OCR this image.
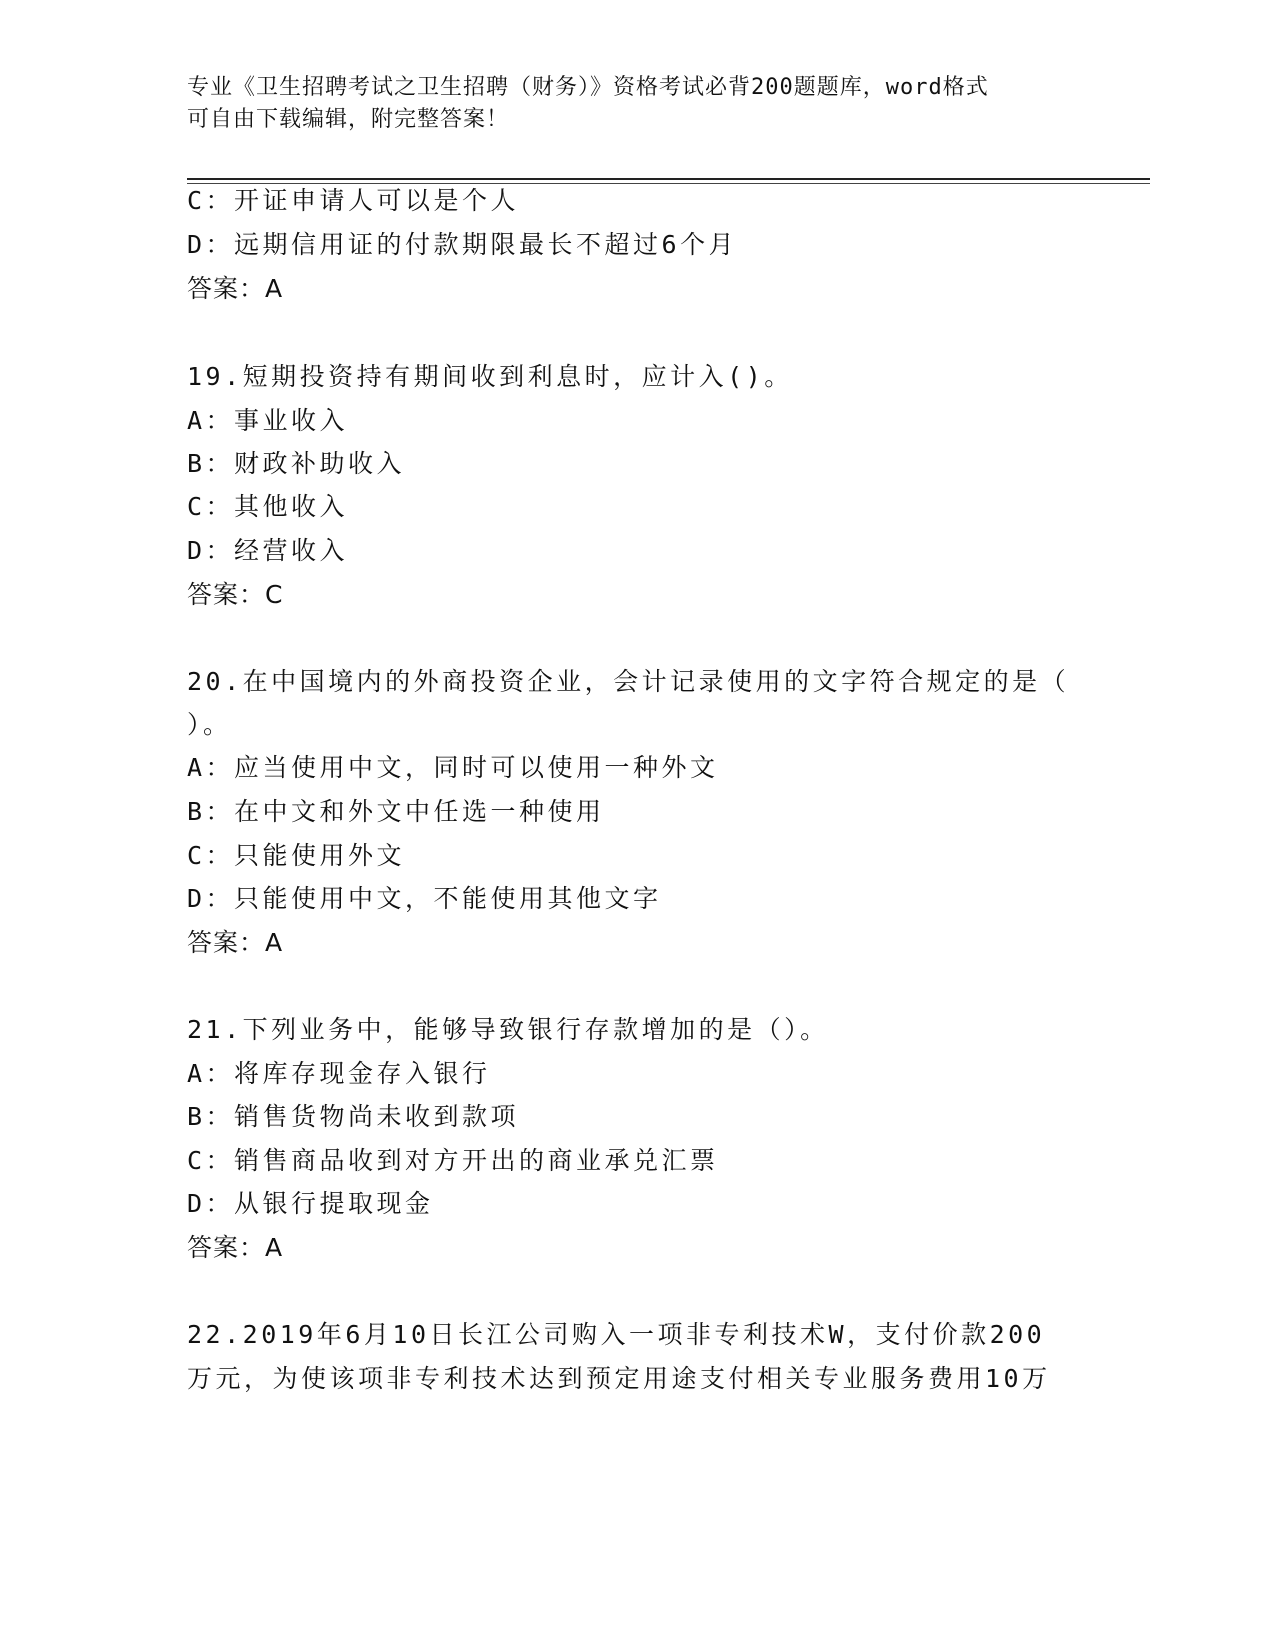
专业《卫生招聘考试之卫生招聘（财务）》资格考试必背200题题库，word格式
可自由下载编辑，附完整答案！
C：开证申请人可以是个人
D：远期信用证的付款期限最长不超过6个月
答案：A
19.短期投资持有期间收到利息时，应计入()。
A：事业收入
B：财政补助收入
C：其他收入
D：经营收入
答案：C
20.在中国境内的外商投资企业，会计记录使用的文字符合规定的是（
）。
A：应当使用中文，同时可以使用一种外文
B：在中文和外文中任选一种使用
C：只能使用外文
D：只能使用中文，不能使用其他文字
答案：A
21.下列业务中，能够导致银行存款增加的是（）。
A：将库存现金存入银行
B：销售货物尚未收到款项
C：销售商品收到对方开出的商业承兑汇票
D：从银行提取现金
答案：A
22.2019年6月10日长江公司购入一项非专利技术W，支付价款200
万元，为使该项非专利技术达到预定用途支付相关专业服务费用10万
